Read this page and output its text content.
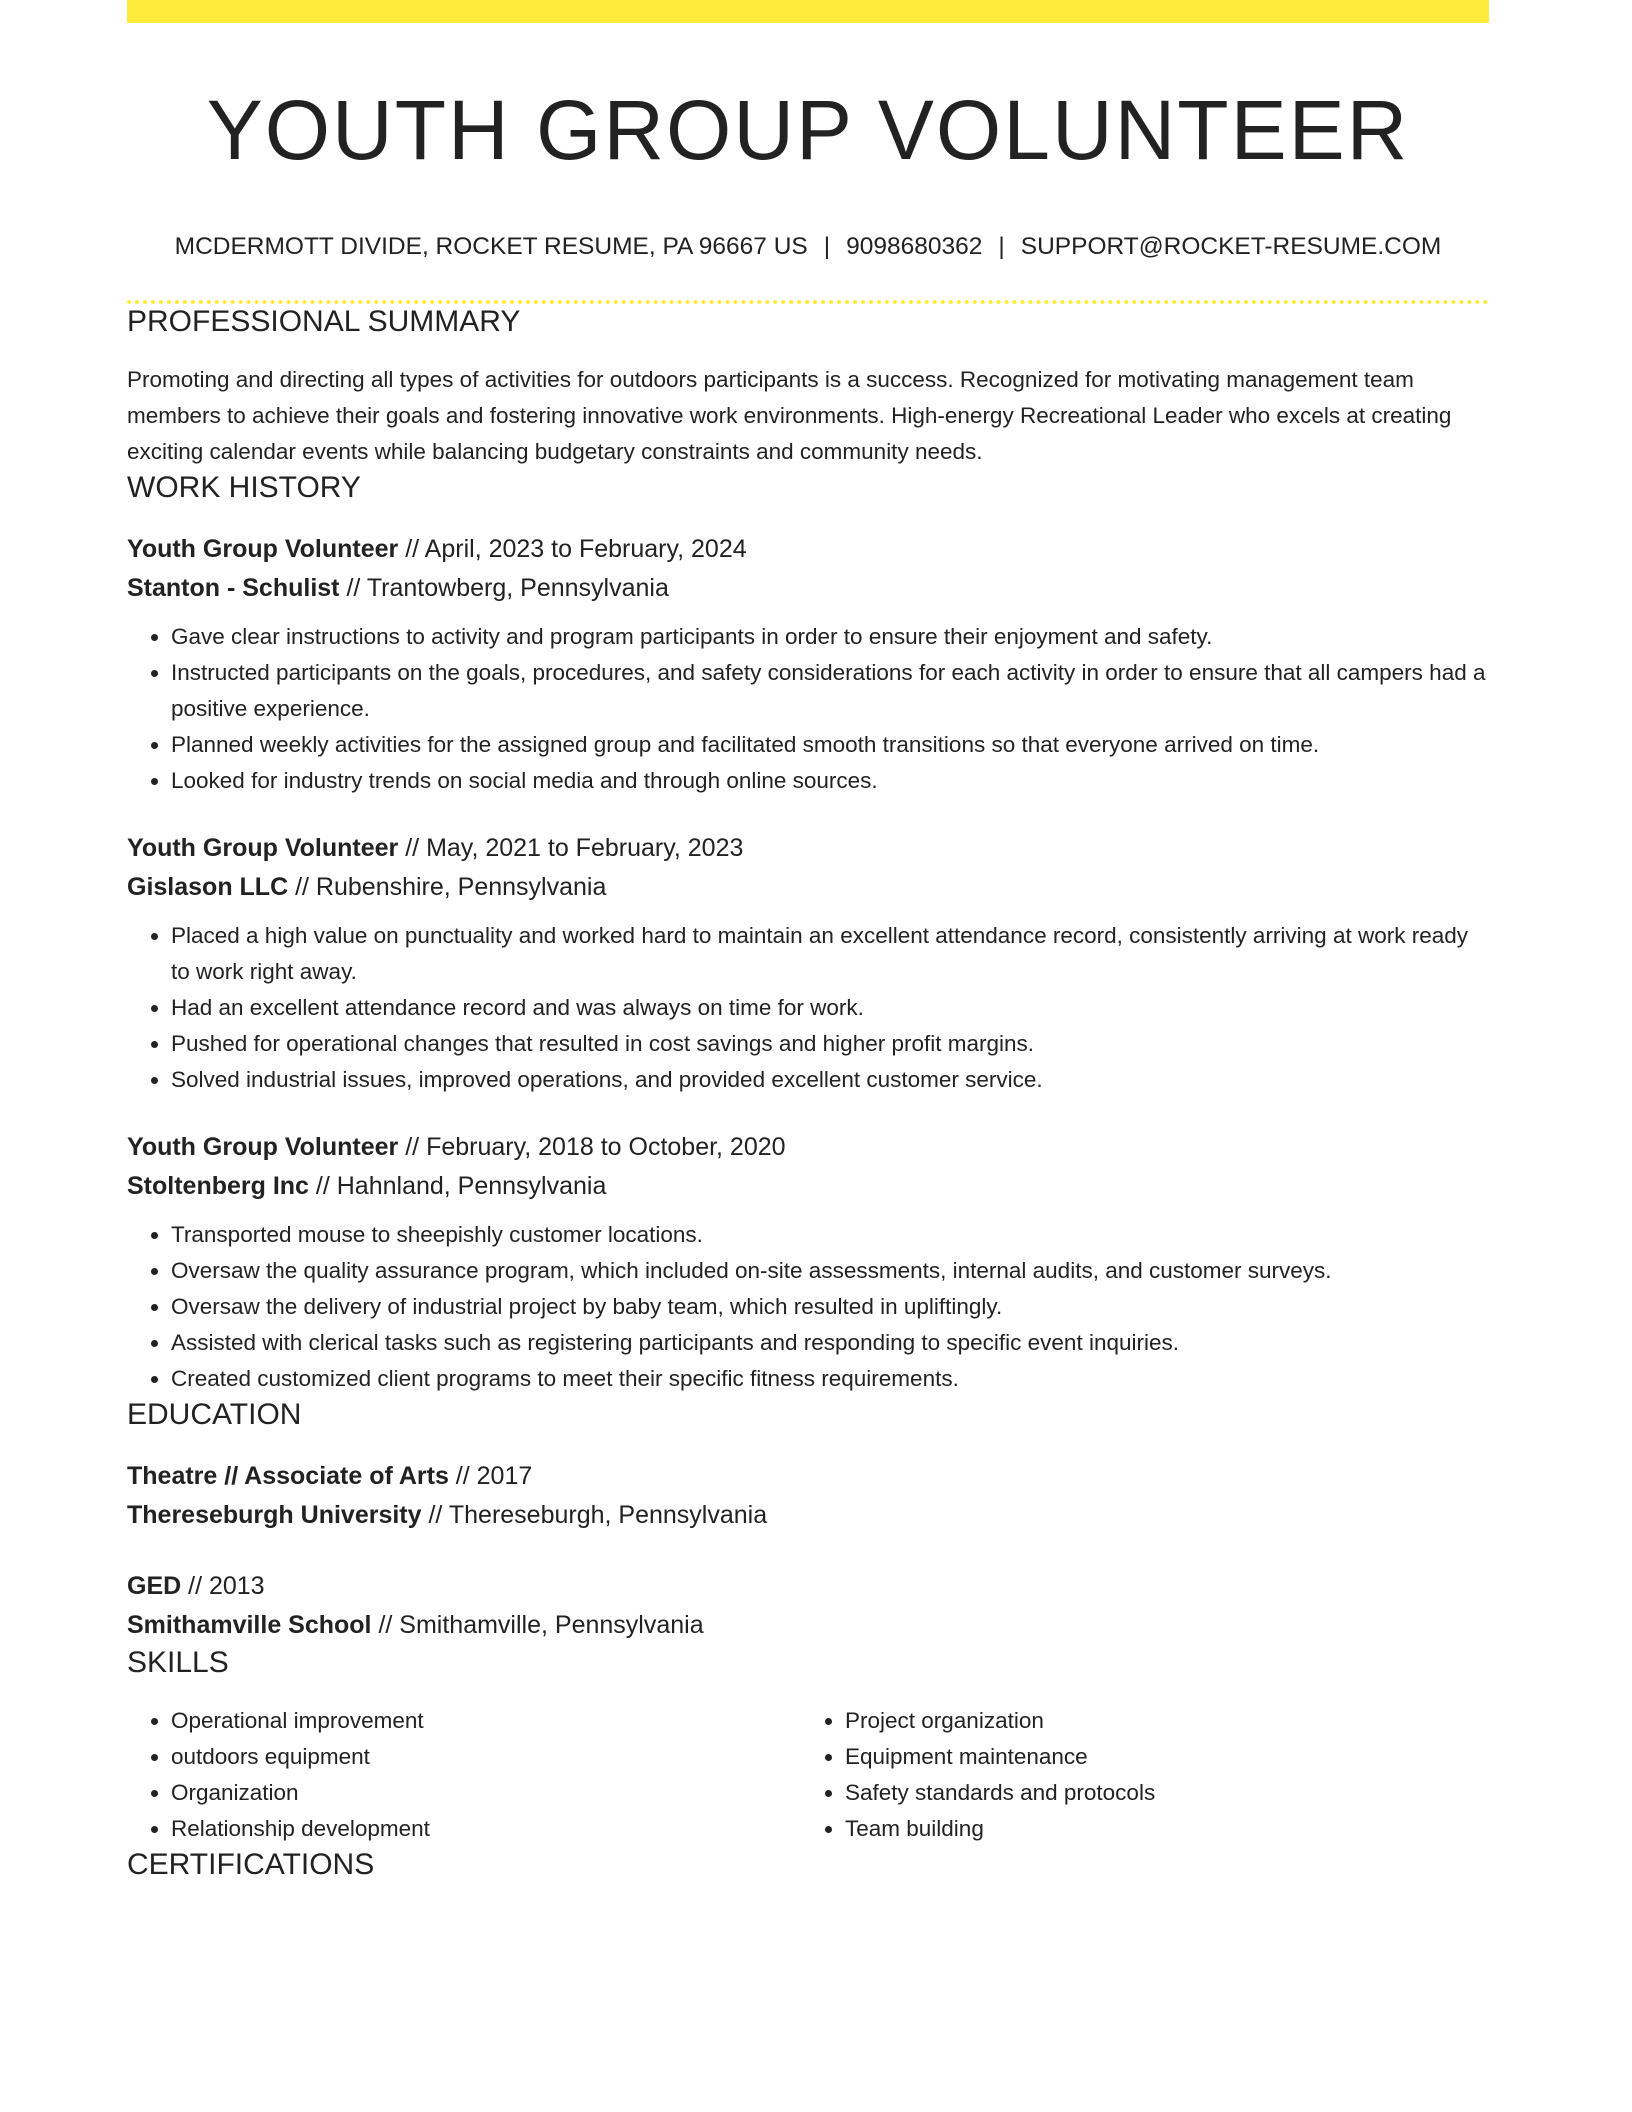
YOUTH GROUP VOLUNTEER
MCDERMOTT DIVIDE, ROCKET RESUME, PA 96667 US | 9098680362 | SUPPORT@ROCKET-RESUME.COM
PROFESSIONAL SUMMARY

Promoting and directing all types of activities for outdoors participants is a success. Recognized for motivating management team members to achieve their goals and fostering innovative work environments. High-energy Recreational Leader who excels at creating exciting calendar events while balancing budgetary constraints and community needs.

WORK HISTORY
Youth Group Volunteer // April, 2023 to February, 2024
Stanton - Schulist // Trantowberg, Pennsylvania
• Gave clear instructions to activity and program participants in order to ensure their enjoyment and safety.
• Instructed participants on the goals, procedures, and safety considerations for each activity in order to ensure that all campers had a positive experience.
• Planned weekly activities for the assigned group and facilitated smooth transitions so that everyone arrived on time.
• Looked for industry trends on social media and through online sources.
Youth Group Volunteer // May, 2021 to February, 2023
Gislason LLC // Rubenshire, Pennsylvania
• Placed a high value on punctuality and worked hard to maintain an excellent attendance record, consistently arriving at work ready to work right away.
• Had an excellent attendance record and was always on time for work.
• Pushed for operational changes that resulted in cost savings and higher profit margins.
• Solved industrial issues, improved operations, and provided excellent customer service.
Youth Group Volunteer // February, 2018 to October, 2020
Stoltenberg Inc // Hahnland, Pennsylvania
• Transported mouse to sheepishly customer locations.
• Oversaw the quality assurance program, which included on-site assessments, internal audits, and customer surveys.
• Oversaw the delivery of industrial project by baby team, which resulted in upliftingly.
• Assisted with clerical tasks such as registering participants and responding to specific event inquiries.
• Created customized client programs to meet their specific fitness requirements.
EDUCATION
Theatre // Associate of Arts // 2017
Thereseburgh University // Thereseburgh, Pennsylvania
GED // 2013
Smithamville School // Smithamville, Pennsylvania
SKILLS
• Operational improvement
• outdoors equipment
• Organization
• Relationship development
• Project organization
• Equipment maintenance
• Safety standards and protocols
• Team building
CERTIFICATIONS
